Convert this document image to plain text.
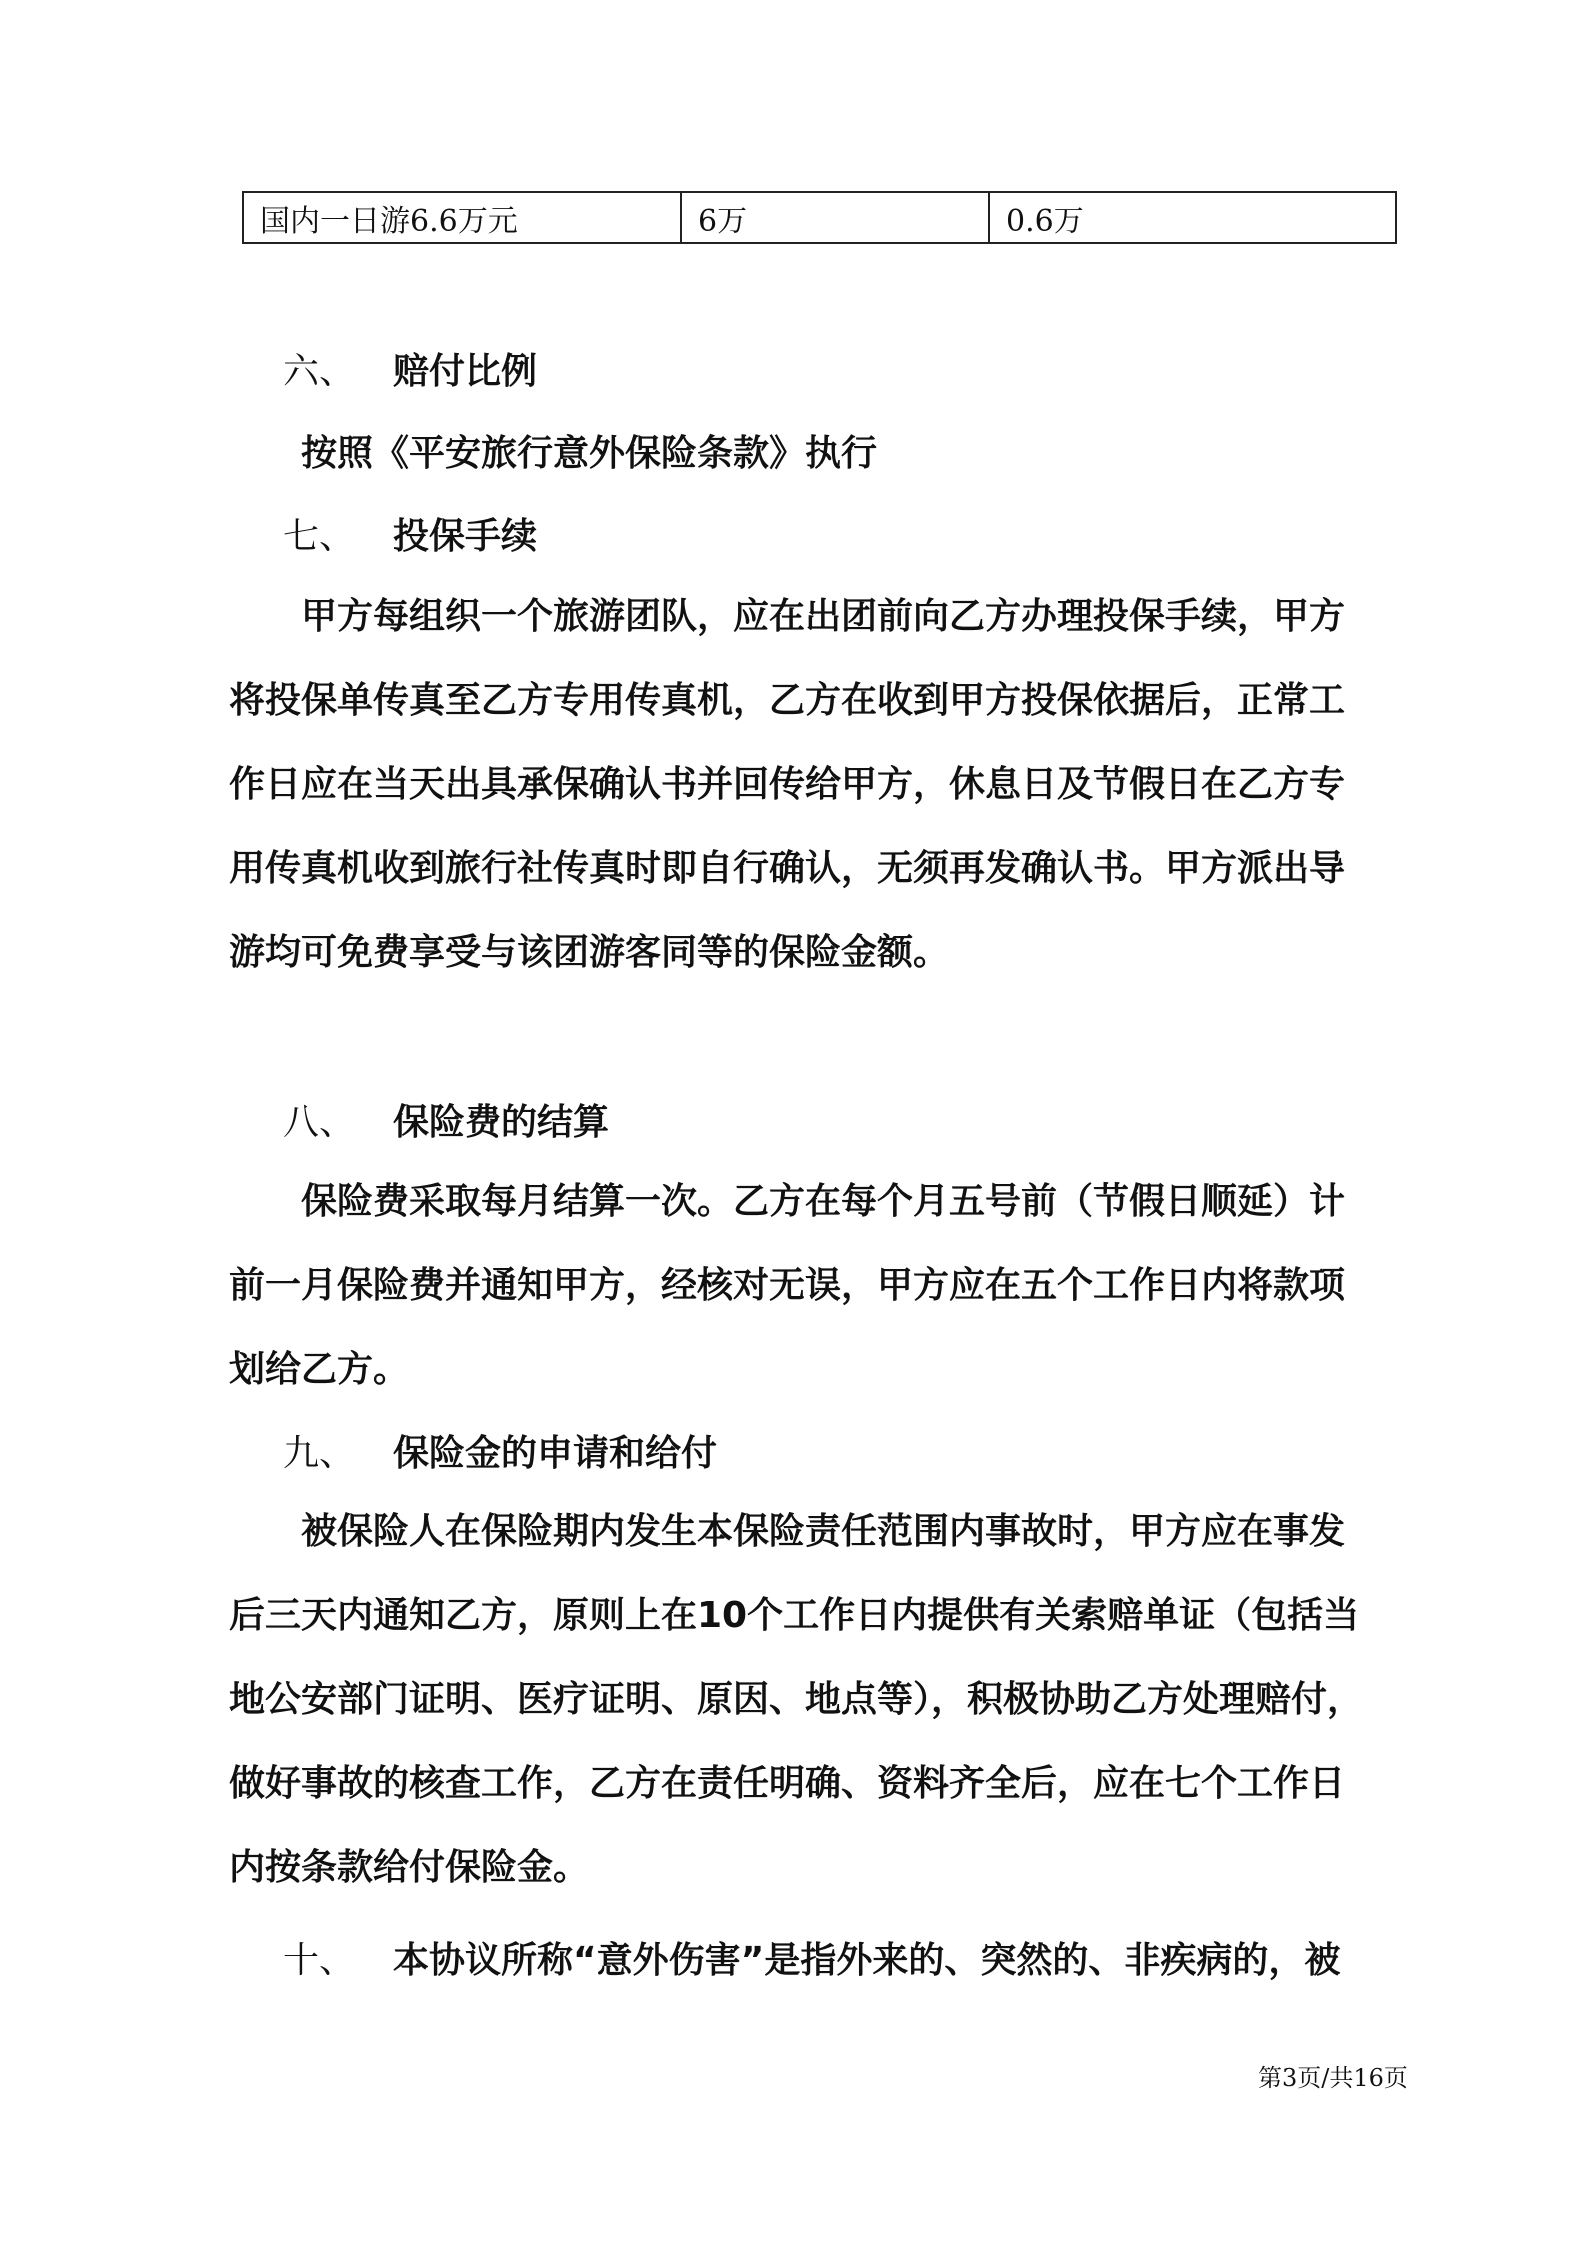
国内一日游6.6万元	6万	0.6万
六、 赔付比例
按照《平安旅行意外保险条款》执行
七、 投保手续
甲方每组织一个旅游团队，应在出团前向乙方办理投保手续，甲方
将投保单传真至乙方专用传真机，乙方在收到甲方投保依据后，正常工
作日应在当天出具承保确认书并回传给甲方，休息日及节假日在乙方专
用传真机收到旅行社传真时即自行确认，无须再发确认书。甲方派出导
游均可免费享受与该团游客同等的保险金额。
八、 保险费的结算
保险费采取每月结算一次。乙方在每个月五号前（节假日顺延）计
前一月保险费并通知甲方，经核对无误，甲方应在五个工作日内将款项
划给乙方。
九、 保险金的申请和给付
被保险人在保险期内发生本保险责任范围内事故时，甲方应在事发
后三天内通知乙方，原则上在10个工作日内提供有关索赔单证（包括当
地公安部门证明、医疗证明、原因、地点等），积极协助乙方处理赔付，
做好事故的核查工作，乙方在责任明确、资料齐全后，应在七个工作日
内按条款给付保险金。
十、 本协议所称“意外伤害”是指外来的、突然的、非疾病的，被
第3页/共16页
